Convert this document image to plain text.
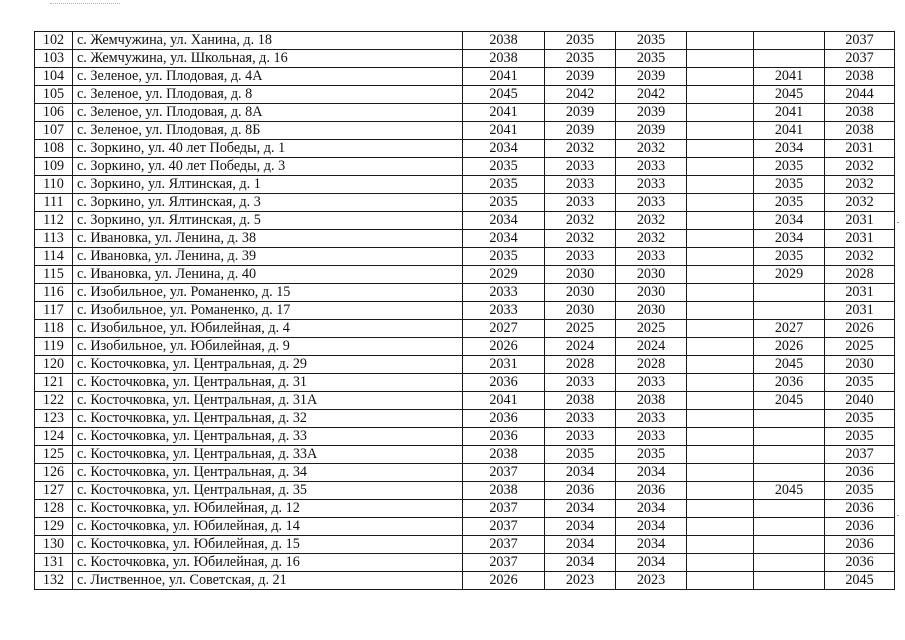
102	с. Жемчужина, ул. Ханина, д. 18	2038	2035	2035			2037
103	с. Жемчужина, ул. Школьная, д. 16	2038	2035	2035			2037
104	с. Зеленое, ул. Плодовая, д. 4А	2041	2039	2039		2041	2038
105	с. Зеленое, ул. Плодовая, д. 8	2045	2042	2042		2045	2044
106	с. Зеленое, ул. Плодовая, д. 8А	2041	2039	2039		2041	2038
107	с. Зеленое, ул. Плодовая, д. 8Б	2041	2039	2039		2041	2038
108	с. Зоркино, ул. 40 лет Победы, д. 1	2034	2032	2032		2034	2031
109	с. Зоркино, ул. 40 лет Победы, д. 3	2035	2033	2033		2035	2032
110	с. Зоркино, ул. Ялтинская, д. 1	2035	2033	2033		2035	2032
111	с. Зоркино, ул. Ялтинская, д. 3	2035	2033	2033		2035	2032
112	с. Зоркино, ул. Ялтинская, д. 5	2034	2032	2032		2034	2031
113	с. Ивановка, ул. Ленина, д. 38	2034	2032	2032		2034	2031
114	с. Ивановка, ул. Ленина, д. 39	2035	2033	2033		2035	2032
115	с. Ивановка, ул. Ленина, д. 40	2029	2030	2030		2029	2028
116	с. Изобильное, ул. Романенко, д. 15	2033	2030	2030			2031
117	с. Изобильное, ул. Романенко, д. 17	2033	2030	2030			2031
118	с. Изобильное, ул. Юбилейная, д. 4	2027	2025	2025		2027	2026
119	с. Изобильное, ул. Юбилейная, д. 9	2026	2024	2024		2026	2025
120	с. Косточковка, ул. Центральная, д. 29	2031	2028	2028		2045	2030
121	с. Косточковка, ул. Центральная, д. 31	2036	2033	2033		2036	2035
122	с. Косточковка, ул. Центральная, д. 31А	2041	2038	2038		2045	2040
123	с. Косточковка, ул. Центральная, д. 32	2036	2033	2033			2035
124	с. Косточковка, ул. Центральная, д. 33	2036	2033	2033			2035
125	с. Косточковка, ул. Центральная, д. 33А	2038	2035	2035			2037
126	с. Косточковка, ул. Центральная, д. 34	2037	2034	2034			2036
127	с. Косточковка, ул. Центральная, д. 35	2038	2036	2036		2045	2035
128	с. Косточковка, ул. Юбилейная, д. 12	2037	2034	2034			2036
129	с. Косточковка, ул. Юбилейная, д. 14	2037	2034	2034			2036
130	с. Косточковка, ул. Юбилейная, д. 15	2037	2034	2034			2036
131	с. Косточковка, ул. Юбилейная, д. 16	2037	2034	2034			2036
132	с. Лиственное, ул. Советская, д. 21	2026	2023	2023			2045
